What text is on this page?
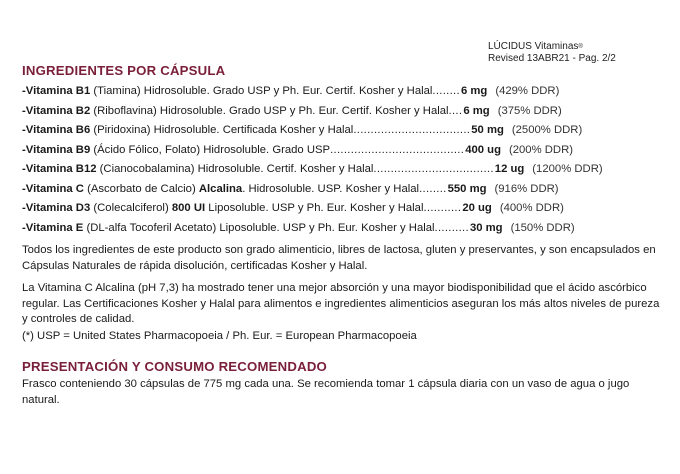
LÚCIDUS Vitaminas®
Revised 13ABR21 - Pag. 2/2
INGREDIENTES POR CÁPSULA
-Vitamina B1 (Tiamina) Hidrosoluble. Grado USP y Ph. Eur. Certif. Kosher y Halal ........ 6 mg (429% DDR)
-Vitamina B2 (Riboflavina) Hidrosoluble. Grado USP y Ph. Eur. Certif. Kosher y Halal .... 6 mg (375% DDR)
-Vitamina B6 (Piridoxina) Hidrosoluble. Certificada Kosher y Halal .................................. 50 mg (2500% DDR)
-Vitamina B9 (Ácido Fólico, Folato) Hidrosoluble. Grado USP ....................................... 400 ug (200% DDR)
-Vitamina B12 (Cianocobalamina) Hidrosoluble. Certif. Kosher y Halal ................................... 12 ug (1200% DDR)
-Vitamina C (Ascorbato de Calcio) Alcalina . Hidrosoluble. USP. Kosher y Halal ........ 550 mg (916% DDR)
-Vitamina D3 (Colecalciferol) 800 UI Liposoluble. USP y Ph. Eur. Kosher y Halal ........... 20 ug (400% DDR)
-Vitamina E (DL-alfa Tocoferil Acetato) Liposoluble. USP y Ph. Eur. Kosher y Halal .......... 30 mg (150% DDR)
Todos los ingredientes de este producto son grado alimenticio, libres de lactosa, gluten y preservantes, y son encapsulados en Cápsulas Naturales de rápida disolución, certificadas Kosher y Halal.
La Vitamina C Alcalina (pH 7,3) ha mostrado tener una mejor absorción y una mayor biodisponibilidad que el ácido ascórbico regular. Las Certificaciones Kosher y Halal para alimentos e ingredientes alimenticios aseguran los más altos niveles de pureza y controles de calidad.
(*) USP = United States Pharmacopoeia / Ph. Eur. = European Pharmacopoeia
PRESENTACIÓN Y CONSUMO RECOMENDADO
Frasco conteniendo 30 cápsulas de 775 mg cada una. Se recomienda tomar 1 cápsula diaria con un vaso de agua o jugo natural.
